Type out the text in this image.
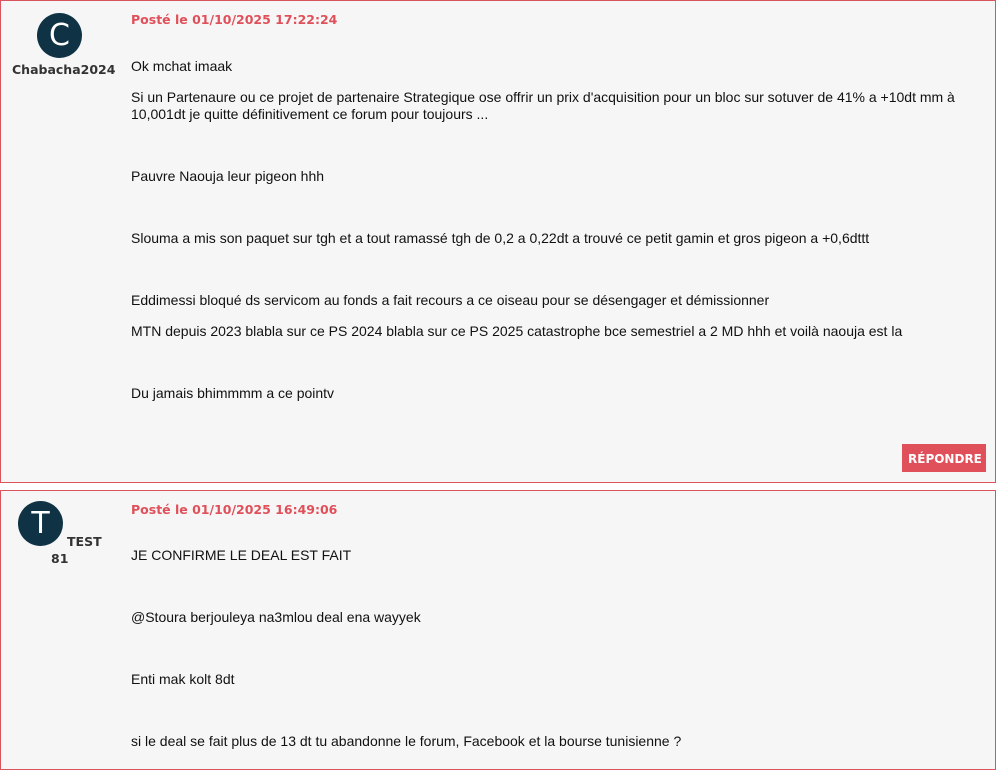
C
Chabacha2024
Posté le 01/10/2025 17:22:24
Ok mchat imaak
Si un Partenaure ou ce projet de partenaire Strategique ose offrir un prix d'acquisition pour un bloc sur sotuver de 41% a +10dt mm à 10,001dt je quitte définitivement ce forum pour toujours ...
Pauvre Naouja leur pigeon hhh
Slouma a mis son paquet sur tgh et a tout ramassé tgh de 0,2 a 0,22dt a trouvé ce petit gamin et gros pigeon a +0,6dttt
Eddimessi bloqué ds servicom au fonds a fait recours a ce oiseau pour se désengager et démissionner
MTN depuis 2023 blabla sur ce PS 2024 blabla sur ce PS 2025 catastrophe bce semestriel a 2 MD hhh et voilà naouja est la
Du jamais bhimmmm a ce pointv
RÉPONDRE
T
TEST
81
Posté le 01/10/2025 16:49:06
JE CONFIRME LE DEAL EST FAIT
@Stoura berjouleya na3mlou deal ena wayyek
Enti mak kolt 8dt
si le deal se fait plus de 13 dt tu abandonne le forum, Facebook et la bourse tunisienne ?
